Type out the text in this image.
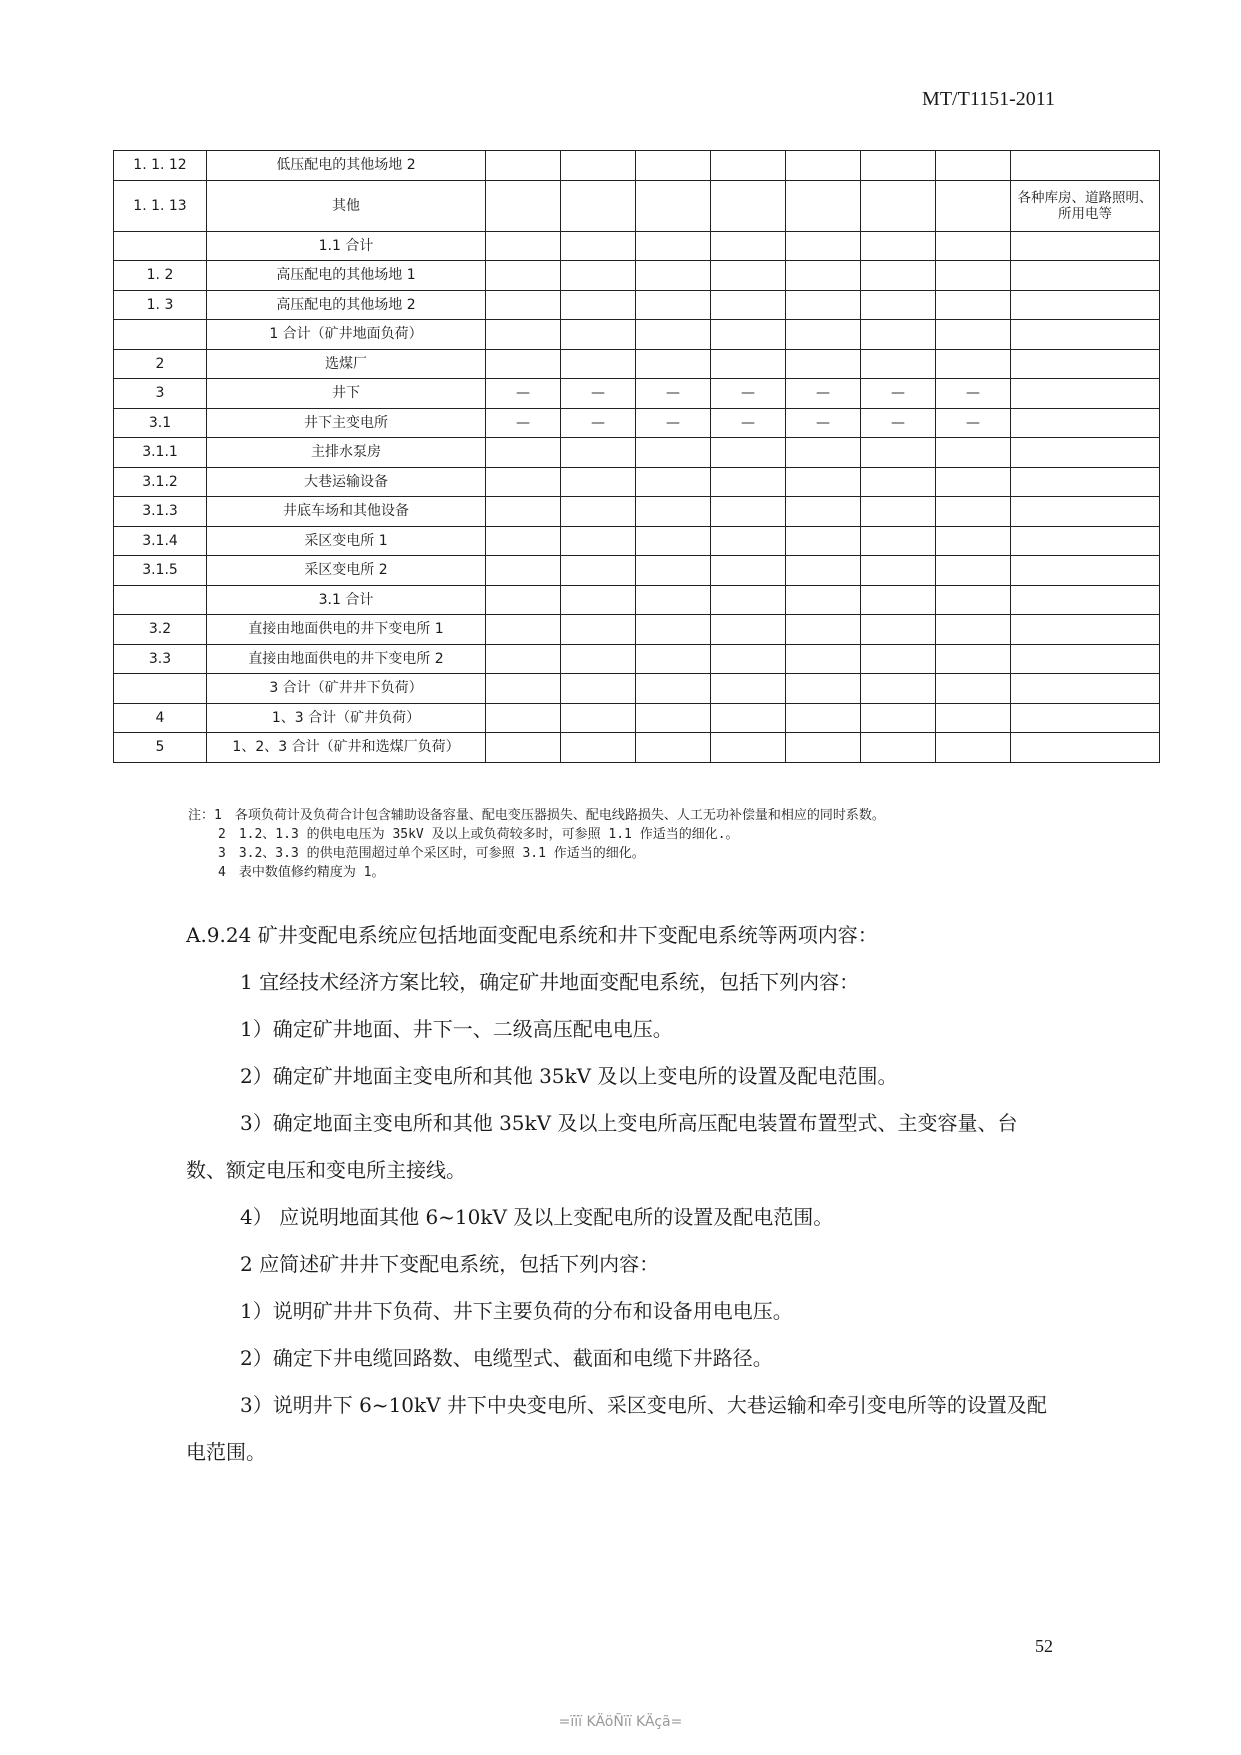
MT/T1151-2011
1. 1. 12	低压配电的其他场地 2								
1. 1. 13	其他								各种库房、道路照明、所用电等
	1.1 合计								
1. 2	高压配电的其他场地 1								
1. 3	高压配电的其他场地 2								
	1 合计（矿井地面负荷）								
2	选煤厂								
3	井下	—	—	—	—	—	—	—	
3.1	井下主变电所	—	—	—	—	—	—	—	
3.1.1	主排水泵房								
3.1.2	大巷运输设备								
3.1.3	井底车场和其他设备								
3.1.4	采区变电所 1								
3.1.5	采区变电所 2								
	3.1 合计								
3.2	直接由地面供电的井下变电所 1								
3.3	直接由地面供电的井下变电所 2								
	3 合计（矿井井下负荷）								
4	1、3 合计（矿井负荷）								
5	1、2、3 合计（矿井和选煤厂负荷）								

注：1　各项负荷计及负荷合计包含辅助设备容量、配电变压器损失、配电线路损失、人工无功补偿量和相应的同时系数。

2　1.2、1.3 的供电电压为 35kV 及以上或负荷较多时，可参照 1.1 作适当的细化.。

3　3.2、3.3 的供电范围超过单个采区时，可参照 3.1 作适当的细化。

4　表中数值修约精度为 1。

A.9.24 矿井变配电系统应包括地面变配电系统和井下变配电系统等两项内容：

1 宜经技术经济方案比较，确定矿井地面变配电系统，包括下列内容：

1）确定矿井地面、井下一、二级高压配电电压。

2）确定矿井地面主变电所和其他 35kV 及以上变电所的设置及配电范围。

3）确定地面主变电所和其他 35kV 及以上变电所高压配电装置布置型式、主变容量、台数、额定电压和变电所主接线。

4） 应说明地面其他 6~10kV 及以上变配电所的设置及配电范围。

2 应简述矿井井下变配电系统，包括下列内容：

1）说明矿井井下负荷、井下主要负荷的分布和设备用电电压。

2）确定下井电缆回路数、电缆型式、截面和电缆下井路径。

3）说明井下 6~10kV 井下中央变电所、采区变电所、大巷运输和牵引变电所等的设置及配电范围。

52
=ïïï KÄöÑïï KÄçã=
